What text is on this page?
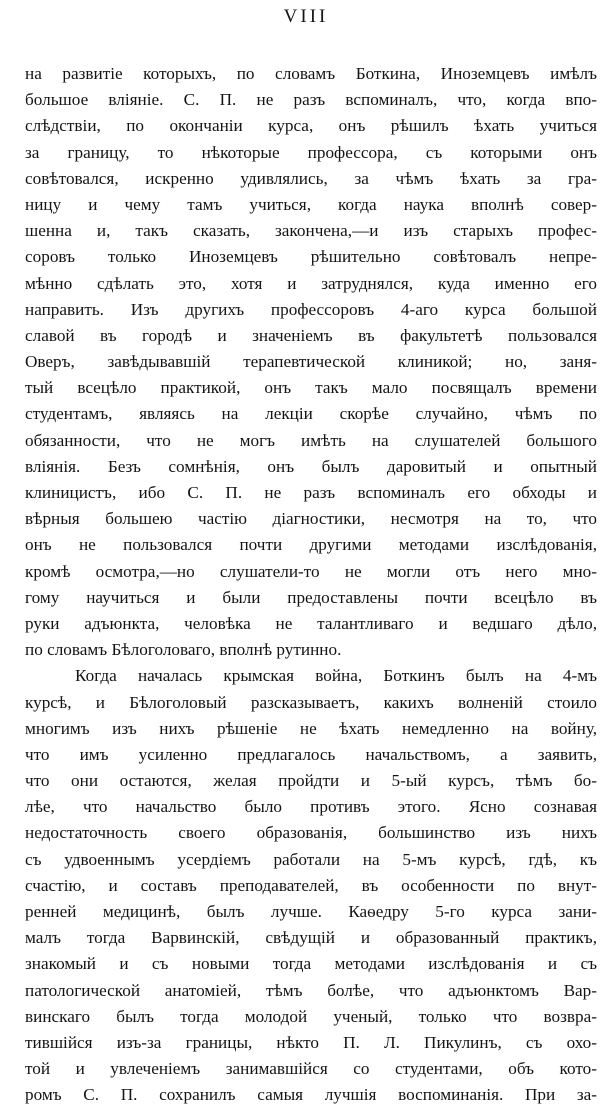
VIII
на развитіе которыхъ, по словамъ Боткина, Иноземцевъ имѣлъ
большое вліяніе. С. П. не разъ вспоминалъ, что, когда впо-
слѣдствіи, по окончаніи курса, онъ рѣшилъ ѣхать учиться
за границу, то нѣкоторые профессора, съ которыми онъ
совѣтовался, искренно удивлялись, за чѣмъ ѣхать за гра-
ницу и чему тамъ учиться, когда наука вполнѣ совер-
шенна и, такъ сказать, закончена,—и изъ старыхъ профес-
соровъ только Иноземцевъ рѣшительно совѣтовалъ непре-
мѣнно сдѣлать это, хотя и затруднялся, куда именно его
направить. Изъ другихъ профессоровъ 4-аго курса большой
славой въ городѣ и значеніемъ въ факультетѣ пользовался
Оверъ, завѣдывавшій терапевтической клиникой; но, заня-
тый всецѣло практикой, онъ такъ мало посвящалъ времени
студентамъ, являясь на лекціи скорѣе случайно, чѣмъ по
обязанности, что не могъ имѣть на слушателей большого
вліянія. Безъ сомнѣнія, онъ былъ даровитый и опытный
клиницистъ, ибо С. П. не разъ вспоминалъ его обходы и
вѣрныя большею частію діагностики, несмотря на то, что
онъ не пользовался почти другими методами изслѣдованія,
кромѣ осмотра,—но слушатели-то не могли отъ него мно-
гому научиться и были предоставлены почти всецѣло въ
руки адъюнкта, человѣка не талантливаго и ведшаго дѣло,
по словамъ Бѣлоголоваго, вполнѣ рутинно.
Когда началась крымская война, Боткинъ былъ на 4-мъ
курсѣ, и Бѣлоголовый разсказываетъ, какихъ волненій стоило
многимъ изъ нихъ рѣшеніе не ѣхать немедленно на войну,
что имъ усиленно предлагалось начальствомъ, а заявить,
что они остаются, желая пройдти и 5-ый курсъ, тѣмъ бо-
лѣе, что начальство было противъ этого. Ясно сознавая
недостаточность своего образованія, большинство изъ нихъ
съ удвоеннымъ усердіемъ работали на 5-мъ курсѣ, гдѣ, къ
счастію, и составъ преподавателей, въ особенности по внут-
ренней медицинѣ, былъ лучше. Каѳедру 5-го курса зани-
малъ тогда Варвинскій, свѣдущій и образованный практикъ,
знакомый и съ новыми тогда методами изслѣдованія и съ
патологической анатоміей, тѣмъ болѣе, что адъюнктомъ Вар-
винскаго былъ тогда молодой ученый, только что возвра-
тившійся изъ-за границы, нѣкто П. Л. Пикулинъ, съ охо-
той и увлеченіемъ занимавшійся со студентами, объ кото-
ромъ С. П. сохранилъ самыя лучшія воспоминанія. При за-
